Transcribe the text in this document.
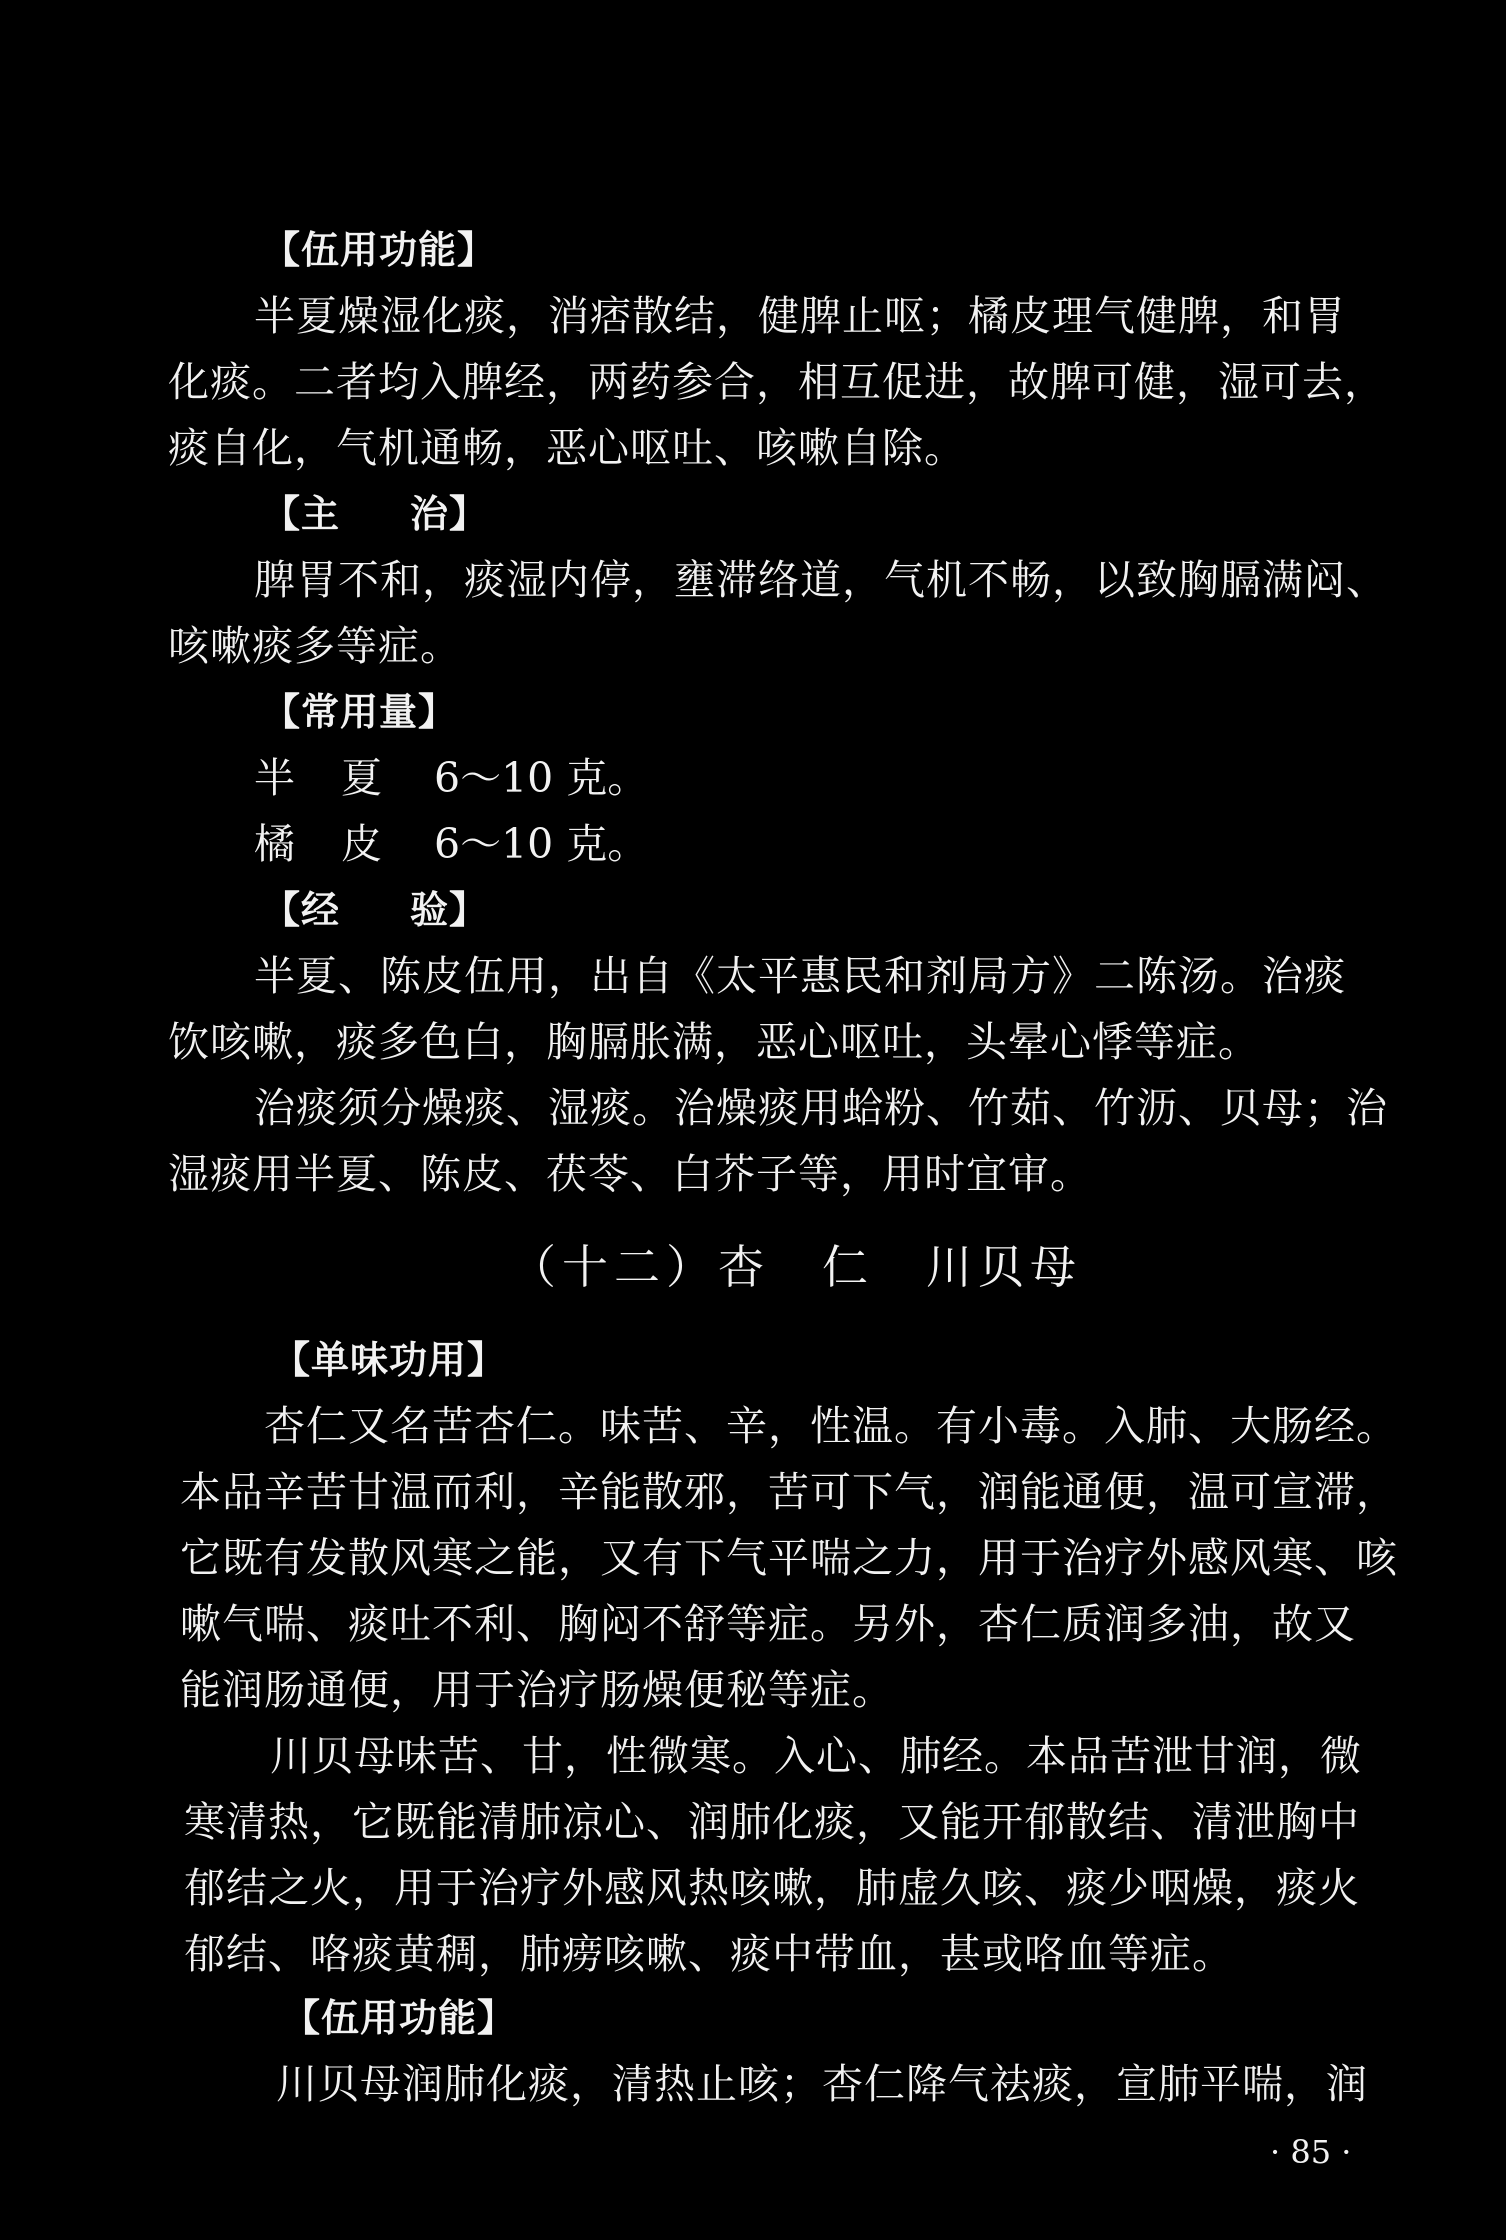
【伍用功能】
半夏燥湿化痰，消痞散结，健脾止呕；橘皮理气健脾，和胃
化痰。二者均入脾经，两药参合，相互促进，故脾可健，湿可去，
痰自化，气机通畅，恶心呕吐、咳嗽自除。
【主 治】
脾胃不和，痰湿内停，壅滞络道，气机不畅，以致胸膈满闷、
咳嗽痰多等症。
【常用量】
半夏 6～10 克。
橘皮 6～10 克。
【经 验】
半夏、陈皮伍用，出自《太平惠民和剂局方》二陈汤。治痰
饮咳嗽，痰多色白，胸膈胀满，恶心呕吐，头晕心悸等症。
治痰须分燥痰、湿痰。治燥痰用蛤粉、竹茹、竹沥、贝母；治
湿痰用半夏、陈皮、茯苓、白芥子等，用时宜审。
（十二）杏　仁　川贝母
【单味功用】
杏仁又名苦杏仁。味苦、辛，性温。有小毒。入肺、大肠经。
本品辛苦甘温而利，辛能散邪，苦可下气，润能通便，温可宣滞，
它既有发散风寒之能，又有下气平喘之力，用于治疗外感风寒、咳
嗽气喘、痰吐不利、胸闷不舒等症。另外，杏仁质润多油，故又
能润肠通便，用于治疗肠燥便秘等症。
川贝母味苦、甘，性微寒。入心、肺经。本品苦泄甘润，微
寒清热，它既能清肺凉心、润肺化痰，又能开郁散结、清泄胸中
郁结之火，用于治疗外感风热咳嗽，肺虚久咳、痰少咽燥，痰火
郁结、咯痰黄稠，肺痨咳嗽、痰中带血，甚或咯血等症。
【伍用功能】
川贝母润肺化痰，清热止咳；杏仁降气祛痰，宣肺平喘，润
· 85 ·
